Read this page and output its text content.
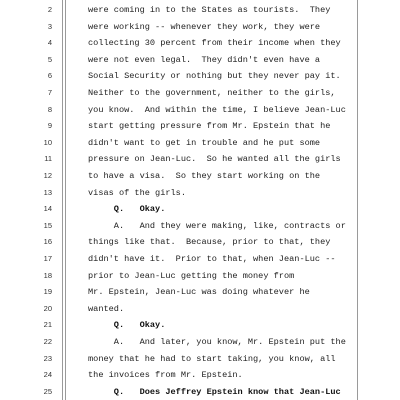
2	were coming in to the States as tourists.  They
3	were working -- whenever they work, they were
4	collecting 30 percent from their income when they
5	were not even legal.  They didn't even have a
6	Social Security or nothing but they never pay it.
7	Neither to the government, neither to the girls,
8	you know.  And within the time, I believe Jean-Luc
9	start getting pressure from Mr. Epstein that he
10	didn't want to get in trouble and he put some
11	pressure on Jean-Luc.  So he wanted all the girls
12	to have a visa.  So they start working on the
13	visas of the girls.
14	Q.   Okay.
15	A.   And they were making, like, contracts or
16	things like that.  Because, prior to that, they
17	didn't have it.  Prior to that, when Jean-Luc --
18	prior to Jean-Luc getting the money from
19	Mr. Epstein, Jean-Luc was doing whatever he
20	wanted.
21	Q.   Okay.
22	A.   And later, you know, Mr. Epstein put the
23	money that he had to start taking, you know, all
24	the invoices from Mr. Epstein.
25	Q.   Does Jeffrey Epstein know that Jean-Luc
